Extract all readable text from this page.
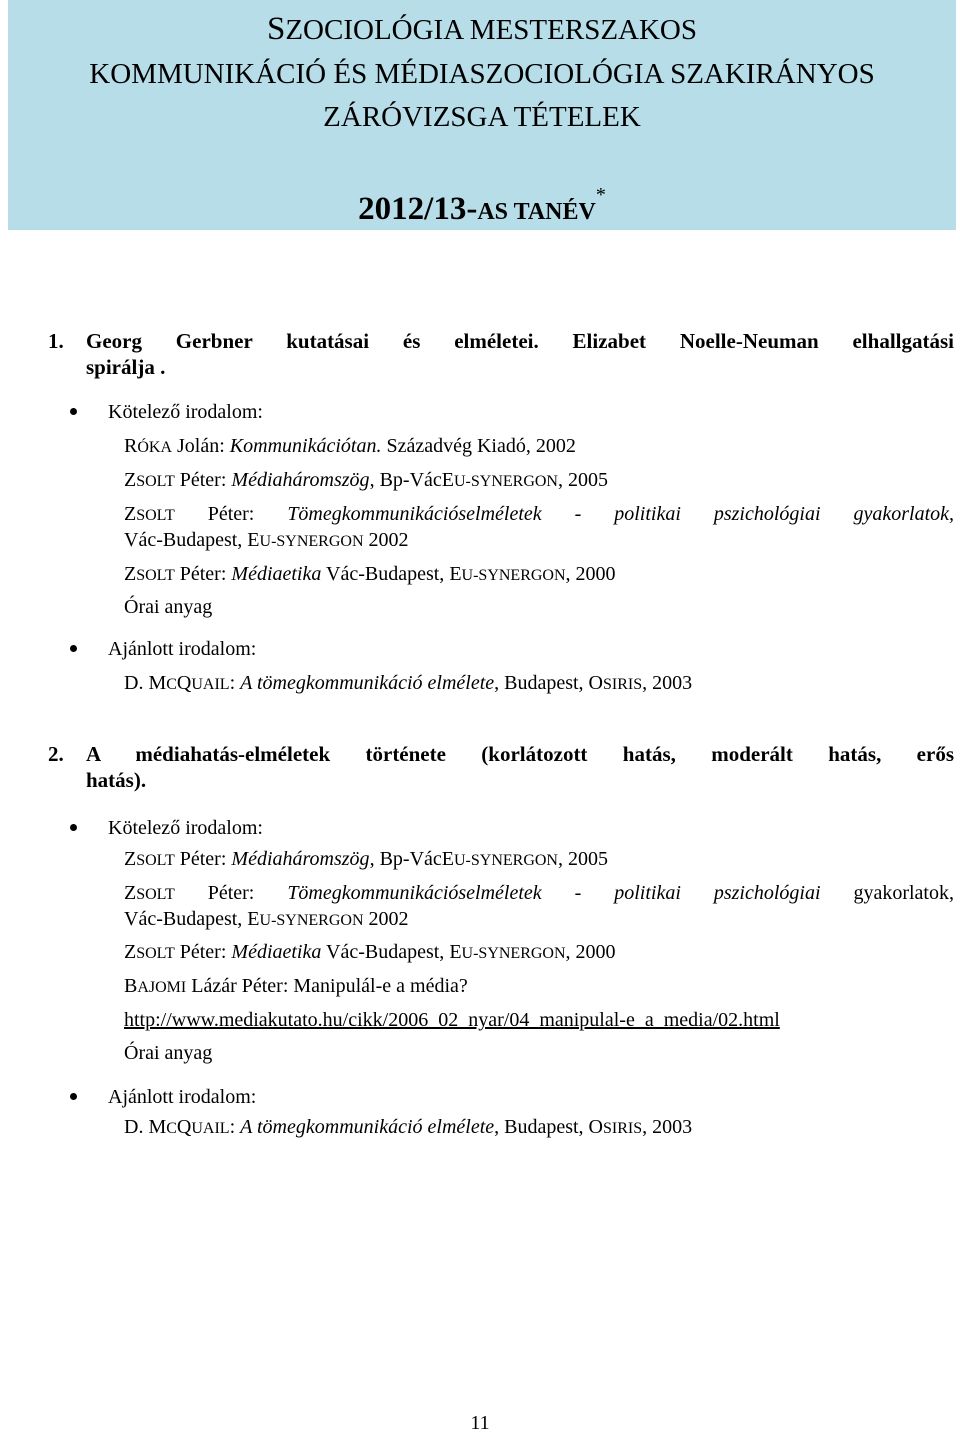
SZOCIOLÓGIA MESTERSZAKOS
KOMMUNIKÁCIÓ ÉS MÉDIASZOCIOLÓGIA SZAKIRÁNYOS
ZÁRÓVIZSGA TÉTELEK
2012/13-AS TANÉV*
1. Georg Gerbner kutatásai és elméletei. Elizabet Noelle-Neuman elhallgatási
spirálja .
Kötelező irodalom:
RÓKA Jolán: Kommunikációtan. Századvég Kiadó, 2002
ZSOLT Péter: Médiaháromszög, Bp-VácEU-SYNERGON, 2005
ZSOLT Péter: Tömegkommunikációselméletek - politikai pszichológiai gyakorlatok,
Vác-Budapest, EU-SYNERGON 2002
ZSOLT Péter: Médiaetika Vác-Budapest, EU-SYNERGON, 2000
Órai anyag
Ajánlott irodalom:
D. MCQUAIL: A tömegkommunikáció elmélete, Budapest, OSIRIS, 2003
2. A médiahatás-elméletek története (korlátozott hatás, moderált hatás, erős
hatás).
Kötelező irodalom:
ZSOLT Péter: Médiaháromszög, Bp-VácEU-SYNERGON, 2005
ZSOLT Péter: Tömegkommunikációselméletek - politikai pszichológiai gyakorlatok,
Vác-Budapest, EU-SYNERGON 2002
ZSOLT Péter: Médiaetika Vác-Budapest, EU-SYNERGON, 2000
BAJOMI Lázár Péter: Manipulál-e a média?
http://www.mediakutato.hu/cikk/2006_02_nyar/04_manipulal-e_a_media/02.html
Órai anyag
Ajánlott irodalom:
D. MCQUAIL: A tömegkommunikáció elmélete, Budapest, OSIRIS, 2003
11
